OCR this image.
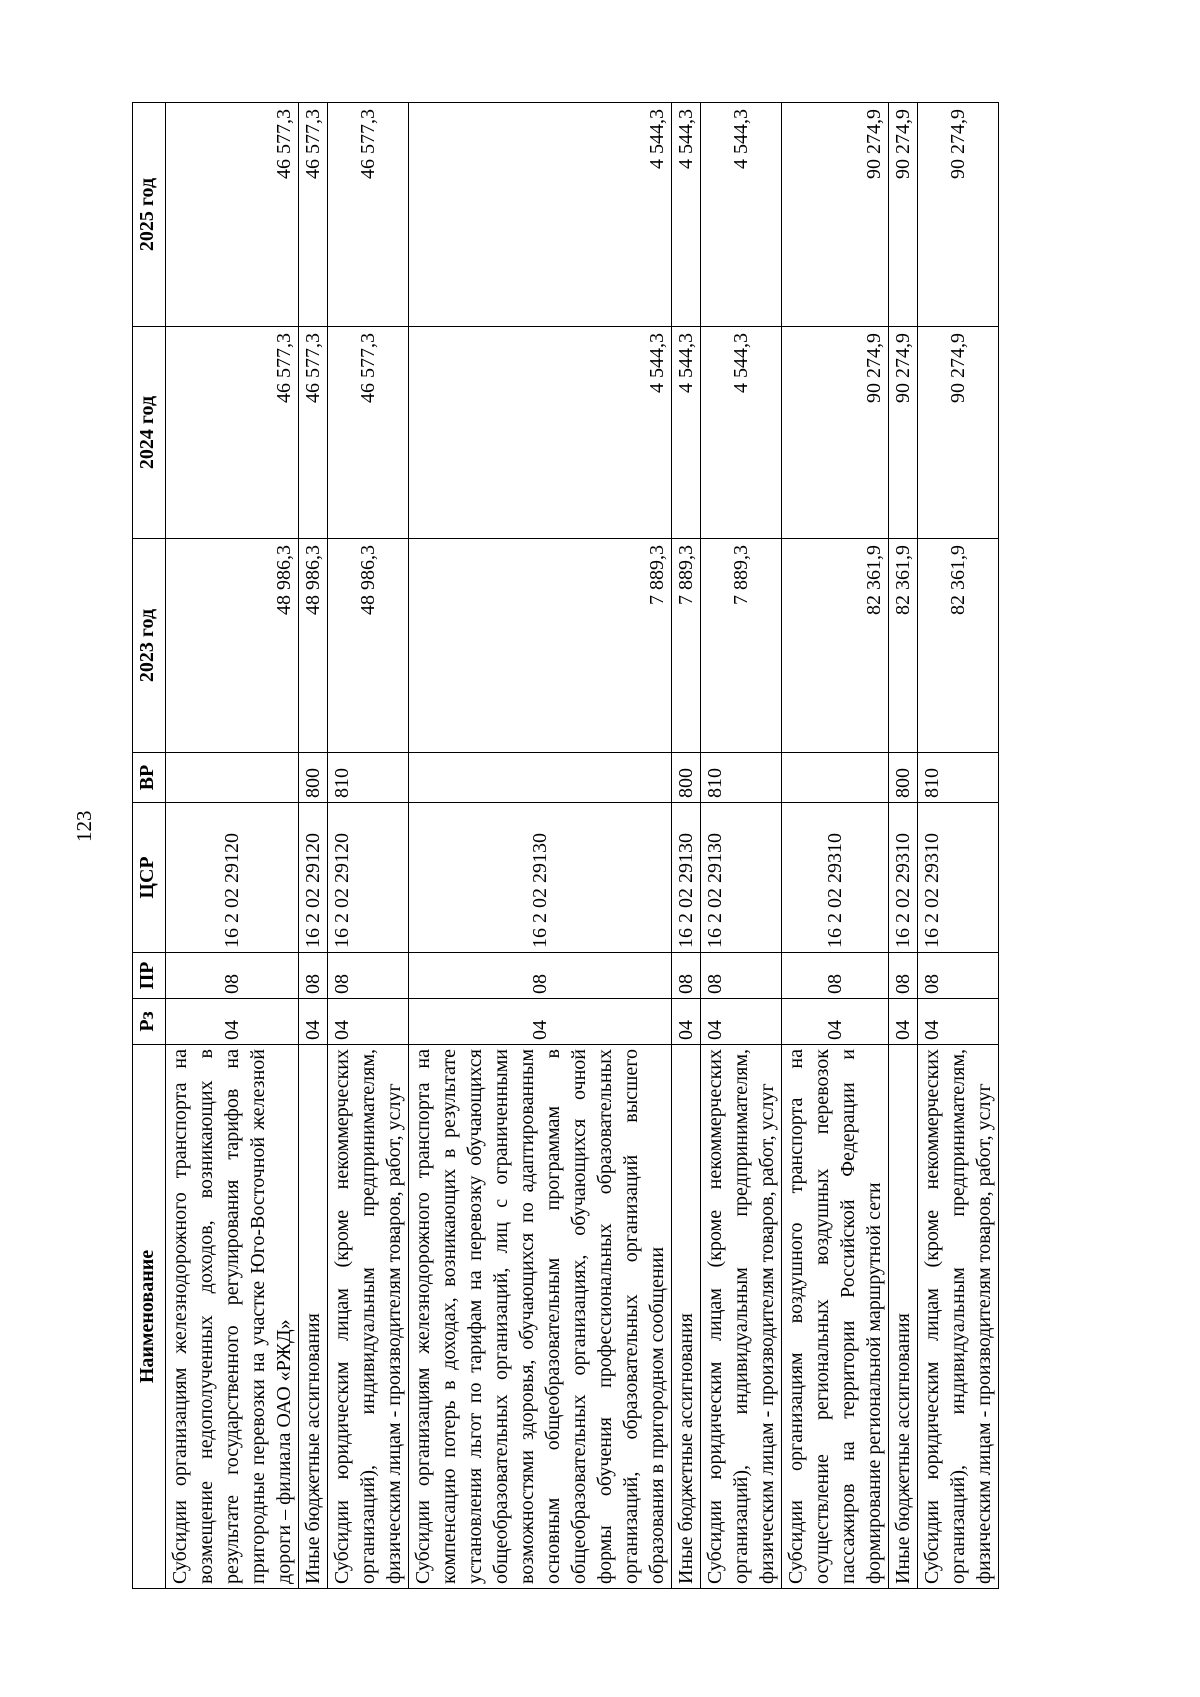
123
Наименование	Рз	ПР	ЦСР	ВР	2023 год	2024 год	2025 год
Субсидии организациям железнодорожного транспорта на возмещение недополученных доходов, возникающих в результате государственного регулирования тарифов на пригородные перевозки на участке Юго-Восточной железной дороги – филиала ОАО «РЖД»	04	08	16 2 02 29120		48 986,3	46 577,3	46 577,3
Иные бюджетные ассигнования	04	08	16 2 02 29120	800	48 986,3	46 577,3	46 577,3
Субсидии юридическим лицам (кроме некоммерческих организаций), индивидуальным предпринимателям, физическим лицам - производителям товаров, работ, услуг	04	08	16 2 02 29120	810	48 986,3	46 577,3	46 577,3
Субсидии организациям железнодорожного транспорта на компенсацию потерь в доходах, возникающих в результате установления льгот по тарифам на перевозку обучающихся общеобразовательных организаций, лиц с ограниченными возможностями здоровья, обучающихся по адаптированным основным общеобразовательным программам в общеобразовательных организациях, обучающихся очной формы обучения профессиональных образовательных организаций, образовательных организаций высшего образования в пригородном сообщении	04	08	16 2 02 29130		7 889,3	4 544,3	4 544,3
Иные бюджетные ассигнования	04	08	16 2 02 29130	800	7 889,3	4 544,3	4 544,3
Субсидии юридическим лицам (кроме некоммерческих организаций), индивидуальным предпринимателям, физическим лицам - производителям товаров, работ, услуг	04	08	16 2 02 29130	810	7 889,3	4 544,3	4 544,3
Субсидии организациям воздушного транспорта на осуществление региональных воздушных перевозок пассажиров на территории Российской Федерации и формирование региональной маршрутной сети	04	08	16 2 02 29310		82 361,9	90 274,9	90 274,9
Иные бюджетные ассигнования	04	08	16 2 02 29310	800	82 361,9	90 274,9	90 274,9
Субсидии юридическим лицам (кроме некоммерческих организаций), индивидуальным предпринимателям, физическим лицам - производителям товаров, работ, услуг	04	08	16 2 02 29310	810	82 361,9	90 274,9	90 274,9
